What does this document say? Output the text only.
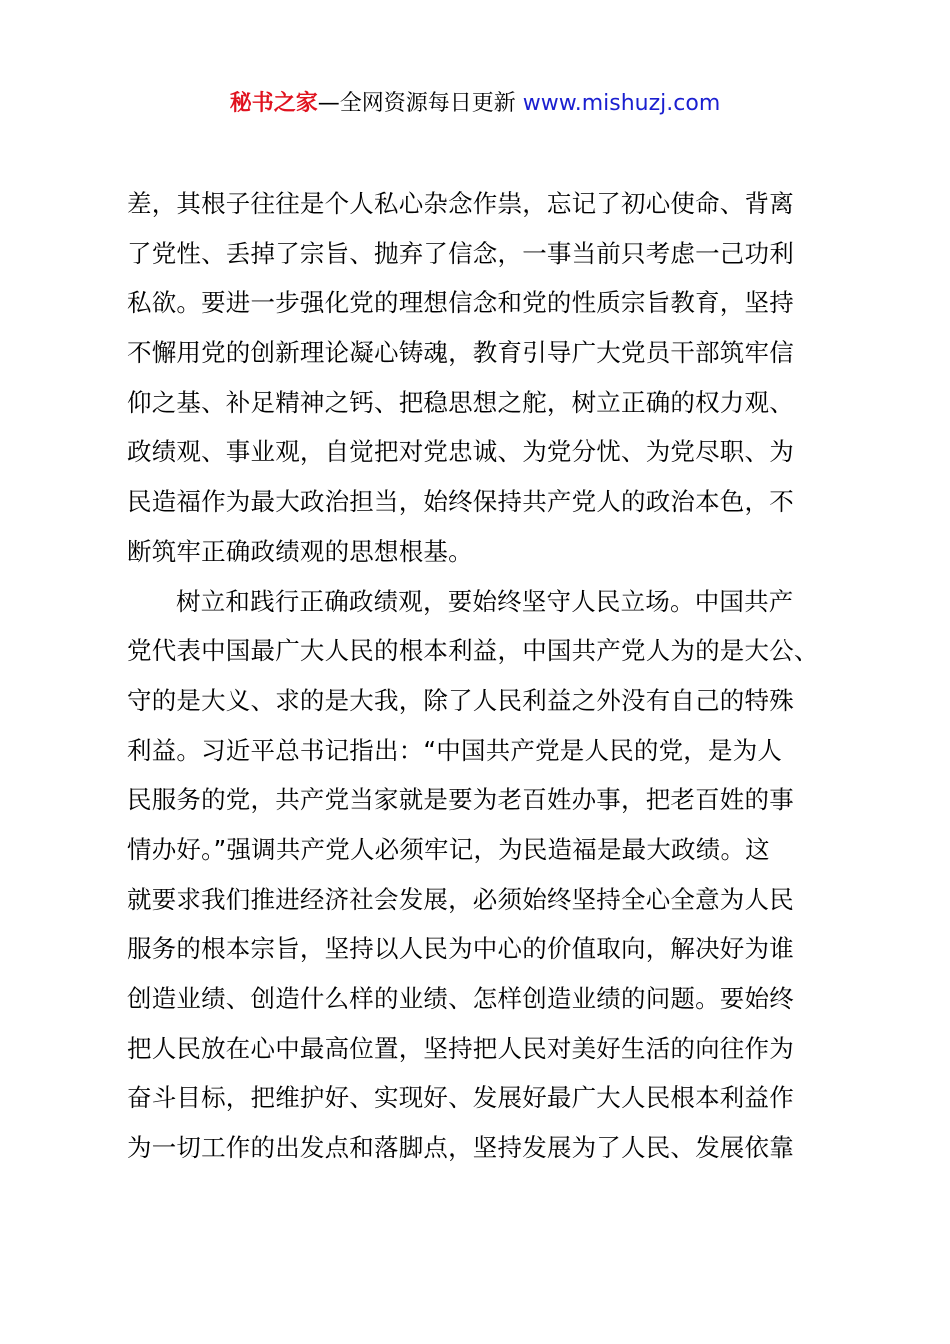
秘书之家—全网资源每日更新 www.mishuzj.com
差，其根子往往是个人私心杂念作祟，忘记了初心使命、背离
了党性、丢掉了宗旨、抛弃了信念，一事当前只考虑一己功利
私欲。要进一步强化党的理想信念和党的性质宗旨教育，坚持
不懈用党的创新理论凝心铸魂，教育引导广大党员干部筑牢信
仰之基、补足精神之钙、把稳思想之舵，树立正确的权力观、
政绩观、事业观，自觉把对党忠诚、为党分忧、为党尽职、为
民造福作为最大政治担当，始终保持共产党人的政治本色，不
断筑牢正确政绩观的思想根基。
树立和践行正确政绩观，要始终坚守人民立场。中国共产
党代表中国最广大人民的根本利益，中国共产党人为的是大公、
守的是大义、求的是大我，除了人民利益之外没有自己的特殊
利益。习近平总书记指出：“中国共产党是人民的党，是为人
民服务的党，共产党当家就是要为老百姓办事，把老百姓的事
情办好。”强调共产党人必须牢记，为民造福是最大政绩。这
就要求我们推进经济社会发展，必须始终坚持全心全意为人民
服务的根本宗旨，坚持以人民为中心的价值取向，解决好为谁
创造业绩、创造什么样的业绩、怎样创造业绩的问题。要始终
把人民放在心中最高位置，坚持把人民对美好生活的向往作为
奋斗目标，把维护好、实现好、发展好最广大人民根本利益作
为一切工作的出发点和落脚点，坚持发展为了人民、发展依靠
